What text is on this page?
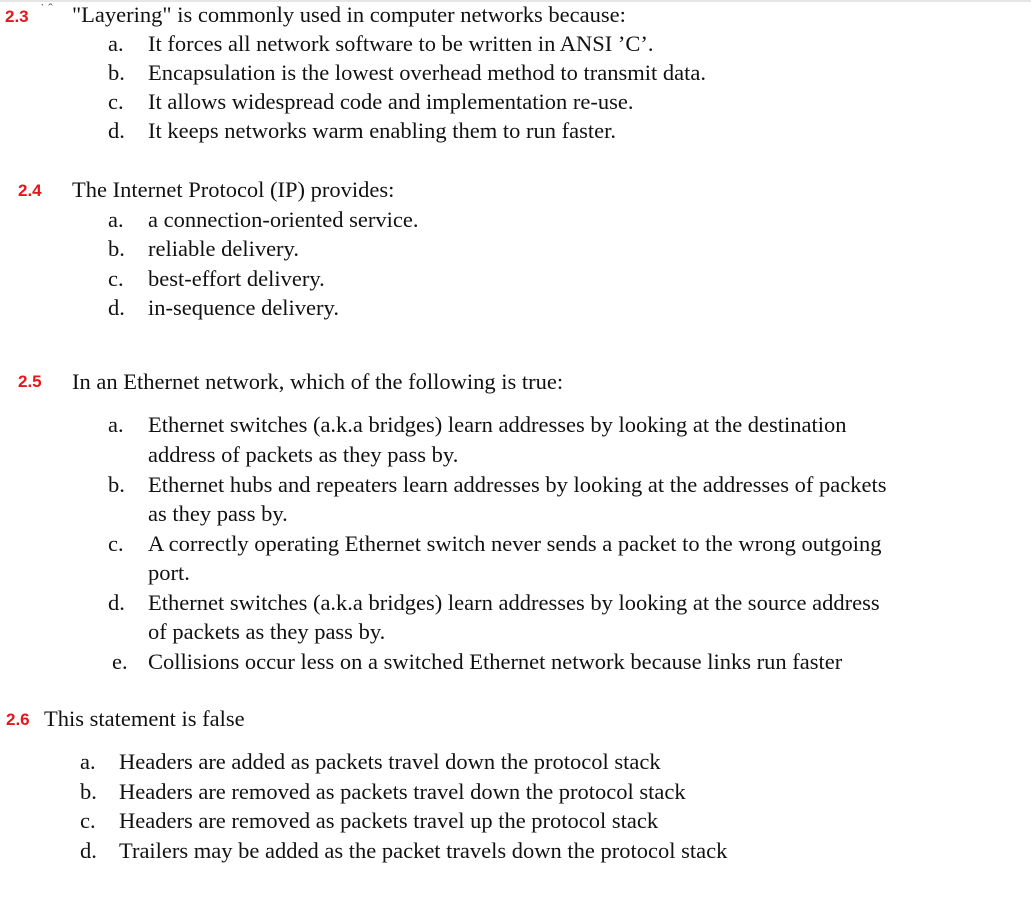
˙ ˆ
2.3 "Layering" is commonly used in computer networks because:
a. It forces all network software to be written in ANSI ’C’.
b. Encapsulation is the lowest overhead method to transmit data.
c. It allows widespread code and implementation re-use.
d. It keeps networks warm enabling them to run faster.
2.4 The Internet Protocol (IP) provides:
a. a connection-oriented service.
b. reliable delivery.
c. best-effort delivery.
d. in-sequence delivery.
2.5 In an Ethernet network, which of the following is true:
a. Ethernet switches (a.k.a bridges) learn addresses by looking at the destination
address of packets as they pass by.
b. Ethernet hubs and repeaters learn addresses by looking at the addresses of packets
as they pass by.
c. A correctly operating Ethernet switch never sends a packet to the wrong outgoing
port.
d. Ethernet switches (a.k.a bridges) learn addresses by looking at the source address
of packets as they pass by.
e. Collisions occur less on a switched Ethernet network because links run faster
2.6 This statement is false
a. Headers are added as packets travel down the protocol stack
b. Headers are removed as packets travel down the protocol stack
c. Headers are removed as packets travel up the protocol stack
d. Trailers may be added as the packet travels down the protocol stack
